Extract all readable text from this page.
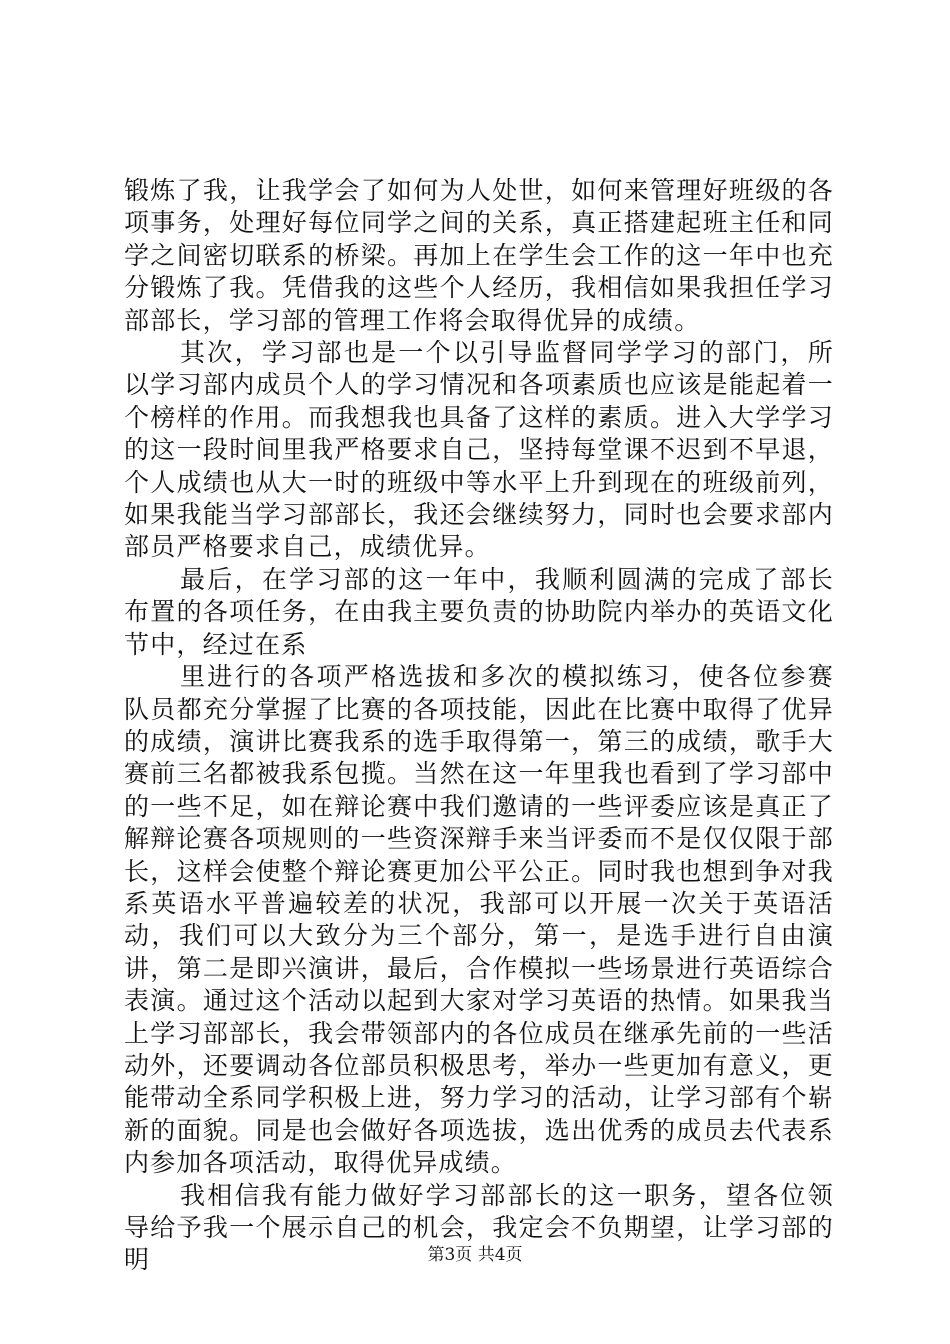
锻炼了我，让我学会了如何为人处世，如何来管理好班级的各项事务，处理好每位同学之间的关系，真正搭建起班主任和同学之间密切联系的桥梁。再加上在学生会工作的这一年中也充分锻炼了我。凭借我的这些个人经历，我相信如果我担任学习部部长，学习部的管理工作将会取得优异的成绩。

其次，学习部也是一个以引导监督同学学习的部门，所以学习部内成员个人的学习情况和各项素质也应该是能起着一个榜样的作用。而我想我也具备了这样的素质。进入大学学习的这一段时间里我严格要求自己，坚持每堂课不迟到不早退，个人成绩也从大一时的班级中等水平上升到现在的班级前列，如果我能当学习部部长，我还会继续努力，同时也会要求部内部员严格要求自己，成绩优异。

最后，在学习部的这一年中，我顺利圆满的完成了部长布置的各项任务，在由我主要负责的协助院内举办的英语文化节中，经过在系

里进行的各项严格选拔和多次的模拟练习，使各位参赛队员都充分掌握了比赛的各项技能，因此在比赛中取得了优异的成绩，演讲比赛我系的选手取得第一，第三的成绩，歌手大赛前三名都被我系包揽。当然在这一年里我也看到了学习部中的一些不足，如在辩论赛中我们邀请的一些评委应该是真正了解辩论赛各项规则的一些资深辩手来当评委而不是仅仅限于部长，这样会使整个辩论赛更加公平公正。同时我也想到争对我系英语水平普遍较差的状况，我部可以开展一次关于英语活动，我们可以大致分为三个部分，第一，是选手进行自由演讲，第二是即兴演讲，最后，合作模拟一些场景进行英语综合表演。通过这个活动以起到大家对学习英语的热情。如果我当上学习部部长，我会带领部内的各位成员在继承先前的一些活动外，还要调动各位部员积极思考，举办一些更加有意义，更能带动全系同学积极上进，努力学习的活动，让学习部有个崭新的面貌。同是也会做好各项选拔，选出优秀的成员去代表系内参加各项活动，取得优异成绩。

我相信我有能力做好学习部部长的这一职务，望各位领导给予我一个展示自己的机会，我定会不负期望，让学习部的明	第3页 共4页
